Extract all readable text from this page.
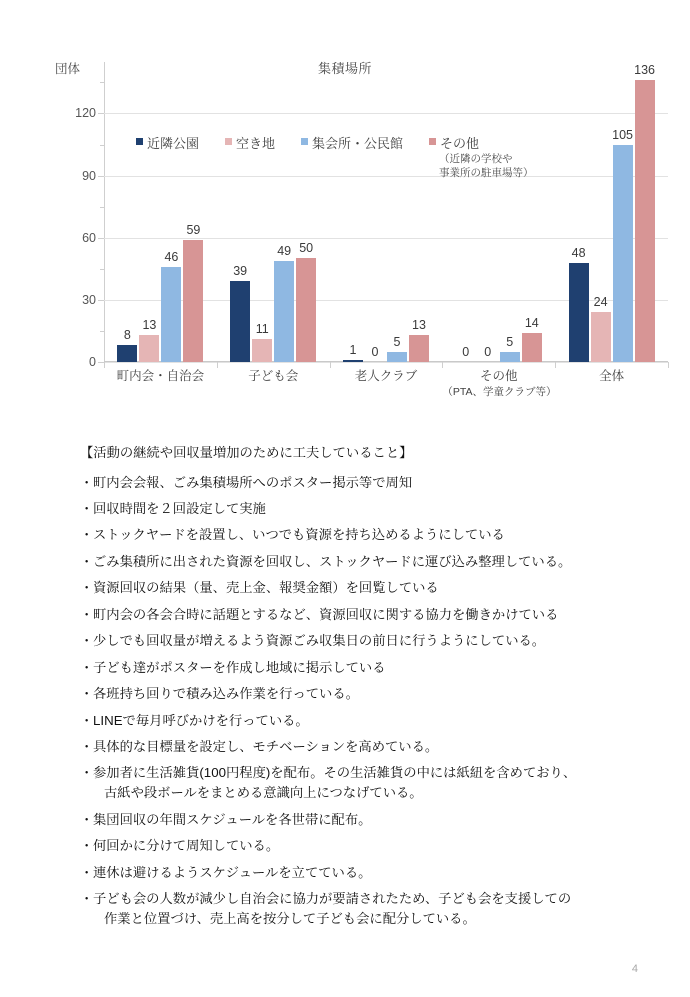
団体	集積場所
0
30
60
90
120
8
13
46
59
39
11
49 50
1 0
5
13
0 0
5
14
48
24
105
136
近隣公園	空き地	集会所・公民館	その他
（近隣の学校や
事業所の駐車場等）
町内会・自治会	子ども会	老人クラブ	その他
（PTA、学童クラブ等）
全体

【活動の継続や回収量増加のために工夫していること】

・ 町内会会報、ごみ集積場所へのポスター掲示等で周知
・ 回収時間を２回設定して実施
・ ストックヤードを設置し、いつでも資源を持ち込めるようにしている
・ ごみ集積所に出された資源を回収し、ストックヤードに運び込み整理している。
・ 資源回収の結果（量、売上金、報奨金額）を回覧している
・ 町内会の各会合時に話題とするなど、資源回収に関する協力を働きかけている
・ 少しでも回収量が増えるよう資源ごみ収集日の前日に行うようにしている。
・ 子ども達がポスターを作成し地域に掲示している
・ 各班持ち回りで積み込み作業を行っている。
・ LINEで毎月呼びかけを行っている。
・ 具体的な目標量を設定し、モチベーションを高めている。
・ 参加者に生活雑貨(100円程度)を配布。その生活雑貨の中には紙紐を含めており、
古紙や段ボールをまとめる意識向上につなげている。
・ 集団回収の年間スケジュールを各世帯に配布。
・ 何回かに分けて周知している。
・ 連休は避けるようスケジュールを立てている。
・ 子ども会の人数が減少し自治会に協力が要請されたため、子ども会を支援しての
作業と位置づけ、売上高を按分して子ども会に配分している。
4
